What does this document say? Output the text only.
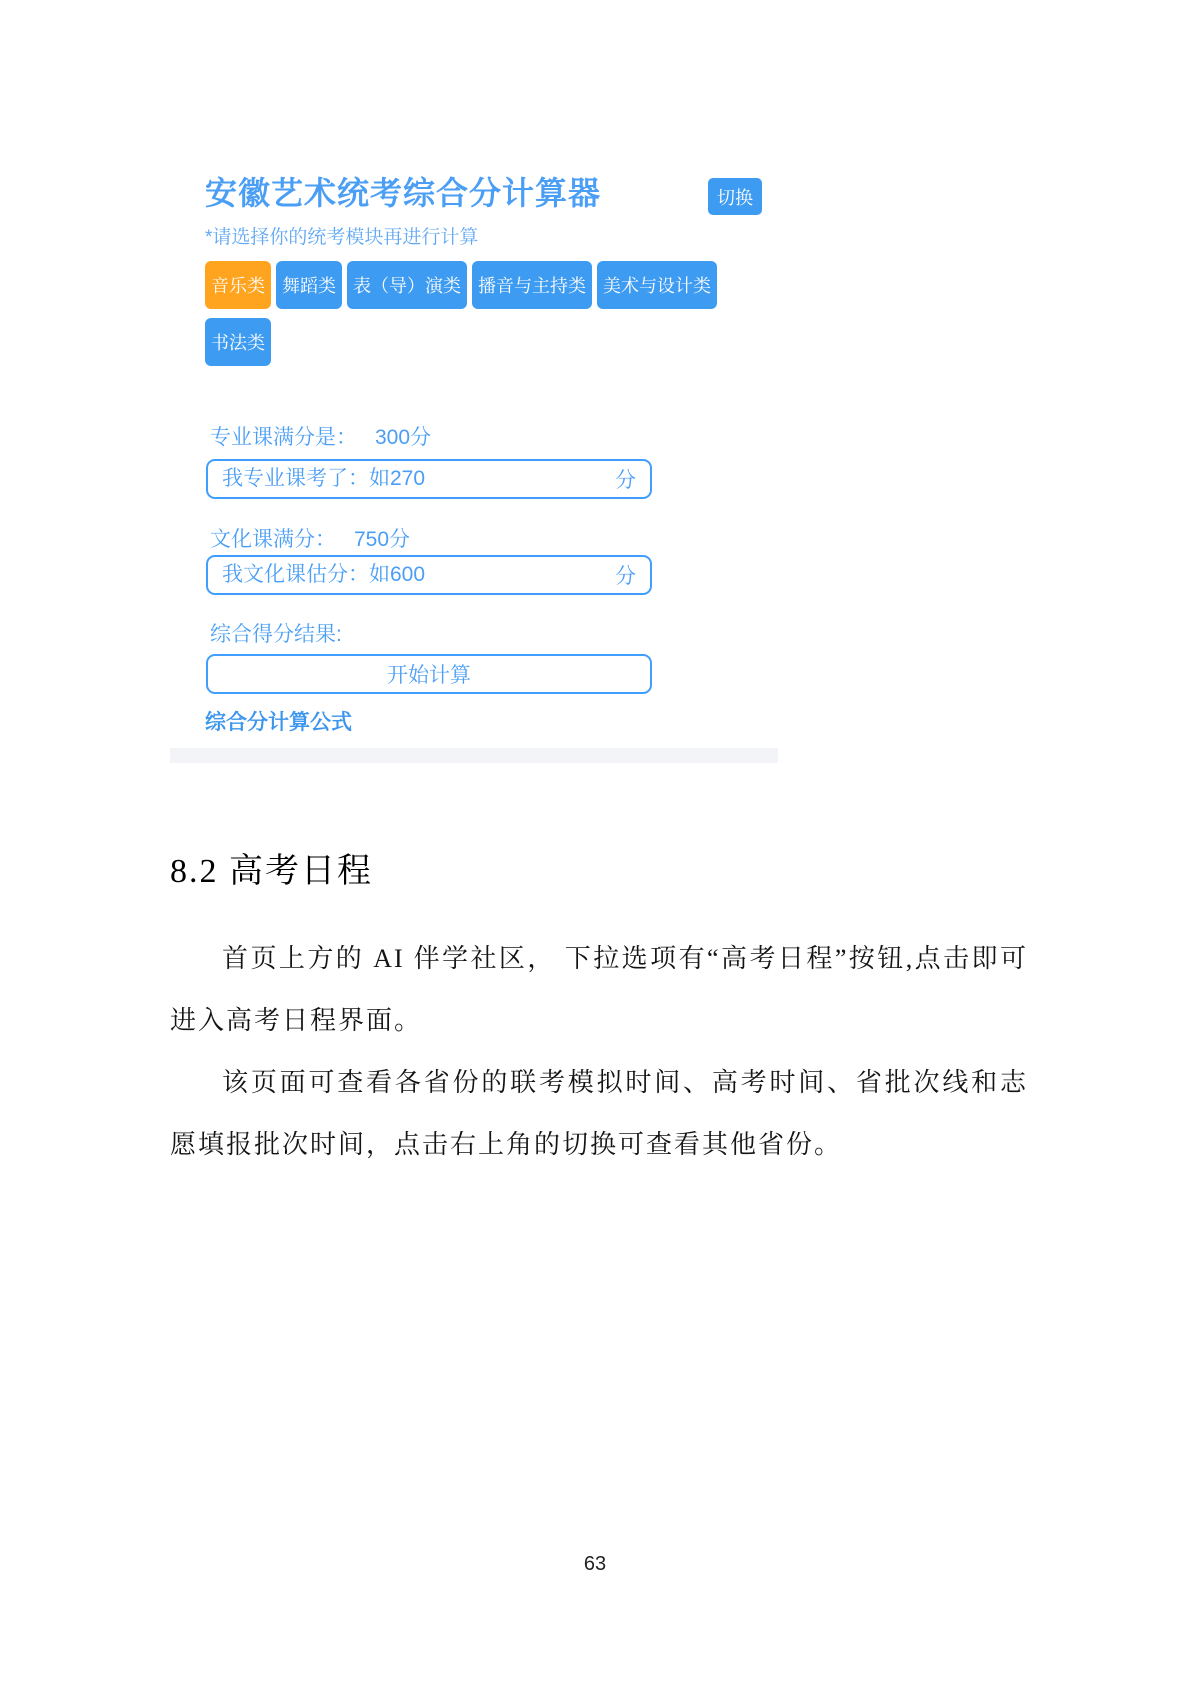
安徽艺术统考综合分计算器	切换
*请选择你的统考模块再进行计算
音乐类 舞蹈类 表（导）演类 播音与主持类 美术与设计类
书法类
专业课满分是： 300分
我专业课考了：如270
分
文化课满分： 750分
我文化课估分：如600
分
综合得分结果:
开始计算
综合分计算公式
8.2 高考日程

首页上方的 AI 伴学社区， 下拉选项有“高考日程”按钮,点击即可进入高考日程界面。

该页面可查看各省份的联考模拟时间、高考时间、省批次线和志愿填报批次时间，点击右上角的切换可查看其他省份。

63
